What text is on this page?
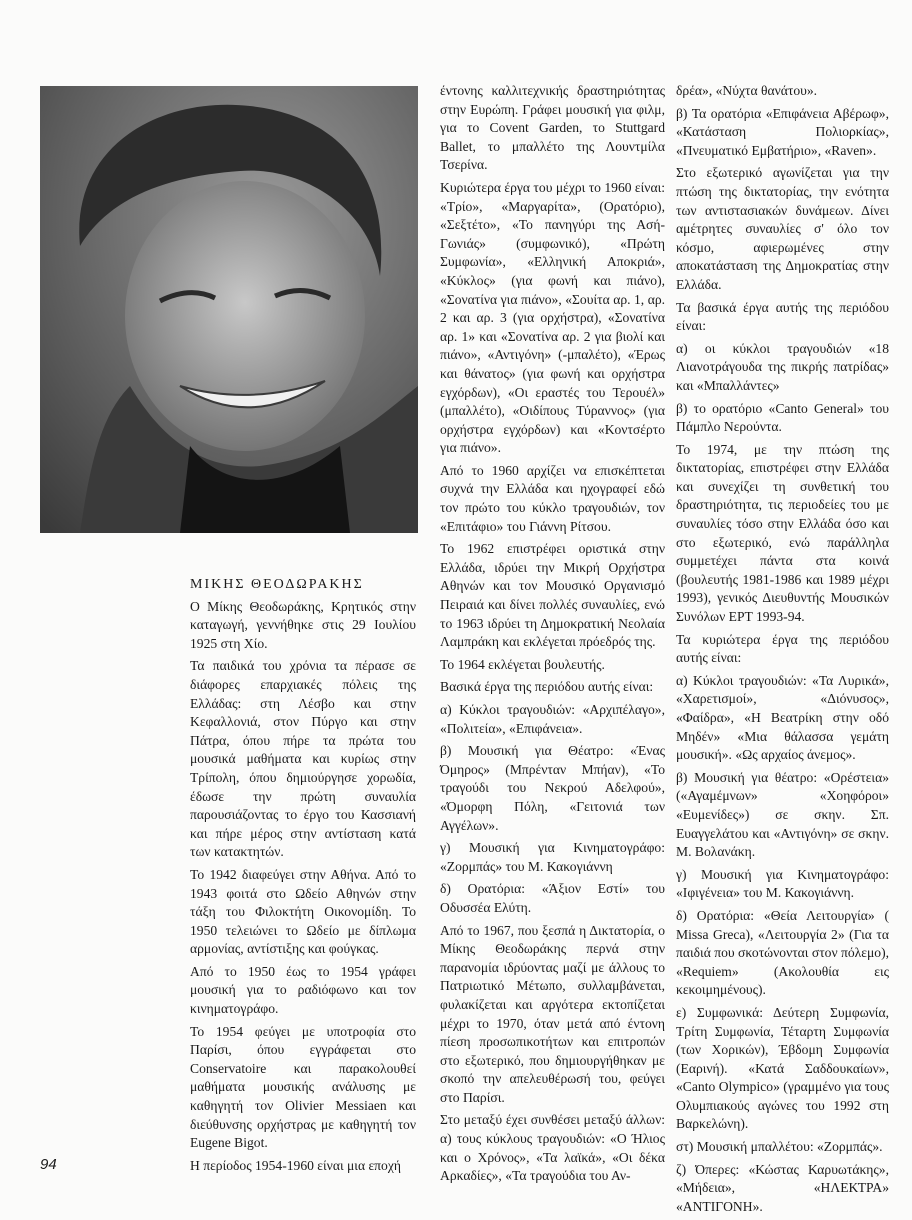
ΜΙΚΗΣ ΘΕΟΔΩΡΑΚΗΣ

Ο Μίκης Θεοδωράκης, Κρητικός στην καταγωγή, γεννήθηκε στις 29 Ιουλίου 1925 στη Χίο.

Τα παιδικά του χρόνια τα πέρασε σε διάφορες επαρχιακές πόλεις της Ελλάδας: στη Λέσβο και στην Κεφαλλονιά, στον Πύργο και στην Πάτρα, όπου πήρε τα πρώτα του μουσικά μαθήματα και κυρίως στην Τρίπολη, όπου δημιούργησε χορωδία, έδωσε την πρώτη συναυλία παρουσιάζοντας το έργο του Κασσιανή και πήρε μέρος στην αντίσταση κατά των κατακτητών.

Το 1942 διαφεύγει στην Αθήνα. Από το 1943 φοιτά στο Ωδείο Αθηνών στην τάξη του Φιλοκτήτη Οικονομίδη. Το 1950 τελειώνει το Ωδείο με δίπλωμα αρμονίας, αντίστιξης και φούγκας.

Από το 1950 έως το 1954 γράφει μουσική για το ραδιόφωνο και τον κινηματογράφο.

Το 1954 φεύγει με υποτροφία στο Παρίσι, όπου εγγράφεται στο Conservatoire και παρακολουθεί μαθήματα μουσικής ανάλυσης με καθηγητή τον Olivier Messiaen και διεύθυνσης ορχήστρας με καθηγητή τον Eugene Bigot.

Η περίοδος 1954-1960 είναι μια εποχή

έντονης καλλιτεχνικής δραστηριότητας στην Ευρώπη. Γράφει μουσική για φιλμ, για το Covent Garden, το Stuttgard Ballet, το μπαλλέτο της Λουντμίλα Τσερίνα.

Κυριώτερα έργα του μέχρι το 1960 είναι: «Τρίο», «Μαργαρίτα», (Ορατόριο), «Σεξτέτο», «Το πανηγύρι της Ασή-Γωνιάς» (συμφωνικό), «Πρώτη Συμφωνία», «Ελληνική Αποκριά», «Κύκλος» (για φωνή και πιάνο), «Σονατίνα για πιάνο», «Σουίτα αρ. 1, αρ. 2 και αρ. 3 (για ορχήστρα), «Σονατίνα αρ. 1» και «Σονατίνα αρ. 2 για βιολί και πιάνο», «Αντιγόνη» (-μπαλέτο), «Έρως και θάνατος» (για φωνή και ορχήστρα εγχόρδων), «Οι εραστές του Τερουέλ» (μπαλλέτο), «Οιδίπους Τύραννος» (για ορχήστρα εγχόρδων) και «Κοντσέρτο για πιάνο».

Από το 1960 αρχίζει να επισκέπτεται συχνά την Ελλάδα και ηχογραφεί εδώ τον πρώτο του κύκλο τραγουδιών, τον «Επιτάφιο» του Γιάννη Ρίτσου.

Το 1962 επιστρέφει οριστικά στην Ελλάδα, ιδρύει την Μικρή Ορχήστρα Αθηνών και τον Μουσικό Οργανισμό Πειραιά και δίνει πολλές συναυλίες, ενώ το 1963 ιδρύει τη Δημοκρατική Νεολαία Λαμπράκη και εκλέγεται πρόεδρός της.

Το 1964 εκλέγεται βουλευτής.

Βασικά έργα της περιόδου αυτής είναι:

α) Κύκλοι τραγουδιών: «Αρχιπέλαγο», «Πολιτεία», «Επιφάνεια».

β) Μουσική για Θέατρο: «Ένας Όμηρος» (Μπρένταν Μπήαν), «Το τραγούδι του Νεκρού Αδελφού», «Όμορφη Πόλη, «Γειτονιά των Αγγέλων».

γ) Μουσική για Κινηματογράφο: «Ζορμπάς» του Μ. Κακογιάννη

δ) Ορατόρια: «Άξιον Εστί» του Οδυσσέα Ελύτη.

Από το 1967, που ξεσπά η Δικτατορία, ο Μίκης Θεοδωράκης περνά στην παρανομία ιδρύοντας μαζί με άλλους το Πατριωτικό Μέτωπο, συλλαμβάνεται, φυλακίζεται και αργότερα εκτοπίζεται μέχρι το 1970, όταν μετά από έντονη πίεση προσωπικοτήτων και επιτροπών στο εξωτερικό, που δημιουργήθηκαν με σκοπό την απελευθέρωσή του, φεύγει στο Παρίσι.

Στο μεταξύ έχει συνθέσει μεταξύ άλλων: α) τους κύκλους τραγουδιών: «Ο Ήλιος και ο Χρόνος», «Τα λαϊκά», «Οι δέκα Αρκαδίες», «Τα τραγούδια του Αν-

δρέα», «Νύχτα θανάτου».

β) Τα ορατόρια «Επιφάνεια Αβέρωφ», «Κατάσταση Πολιορκίας», «Πνευματικό Εμβατήριο», «Raven».

Στο εξωτερικό αγωνίζεται για την πτώση της δικτατορίας, την ενότητα των αντιστασιακών δυνάμεων. Δίνει αμέτρητες συναυλίες σ' όλο τον κόσμο, αφιερωμένες στην αποκατάσταση της Δημοκρατίας στην Ελλάδα.

Τα βασικά έργα αυτής της περιόδου είναι:

α) οι κύκλοι τραγουδιών «18 Λιανοτράγουδα της πικρής πατρίδας» και «Μπαλλάντες»

β) το ορατόριο «Canto General» του Πάμπλο Νερούντα.

Το 1974, με την πτώση της δικτατορίας, επιστρέφει στην Ελλάδα και συνεχίζει τη συνθετική του δραστηριότητα, τις περιοδείες του με συναυλίες τόσο στην Ελλάδα όσο και στο εξωτερικό, ενώ παράλληλα συμμετέχει πάντα στα κοινά (βουλευτής 1981-1986 και 1989 μέχρι 1993), γενικός Διευθυντής Μουσικών Συνόλων ΕΡΤ 1993-94.

Τα κυριώτερα έργα της περιόδου αυτής είναι:

α) Κύκλοι τραγουδιών: «Τα Λυρικά», «Χαρετισμοί», «Διόνυσος», «Φαίδρα», «Η Βεατρίκη στην οδό Μηδέν» «Μια θάλασσα γεμάτη μουσική». «Ως αρχαίος άνεμος».

β) Μουσική για θέατρο: «Ορέστεια» («Αγαμέμνων» «Χοηφόροι» «Ευμενίδες») σε σκην. Σπ. Ευαγγελάτου και «Αντιγόνη» σε σκην. Μ. Βολανάκη.

γ) Μουσική για Κινηματογράφο: «Ιφιγένεια» του Μ. Κακογιάννη.

δ) Ορατόρια: «Θεία Λειτουργία» ( Missa Greca), «Λειτουργία 2» (Για τα παιδιά που σκοτώνονται στον πόλεμο), «Requiem» (Ακολουθία εις κεκοιμημένους).

ε) Συμφωνικά: Δεύτερη Συμφωνία, Τρίτη Συμφωνία, Τέταρτη Συμφωνία (των Χορικών), Έβδομη Συμφωνία (Εαρινή). «Κατά Σαδδουκαίων», «Canto Olympico» (γραμμένο για τους Ολυμπιακούς αγώνες του 1992 στη Βαρκελώνη).

στ) Μουσική μπαλλέτου: «Ζορμπάς».

ζ) Όπερες: «Κώστας Καρυωτάκης», «Μήδεια», «ΗΛΕΚΤΡΑ» «ΑΝΤΙΓΟΝΗ».

94
